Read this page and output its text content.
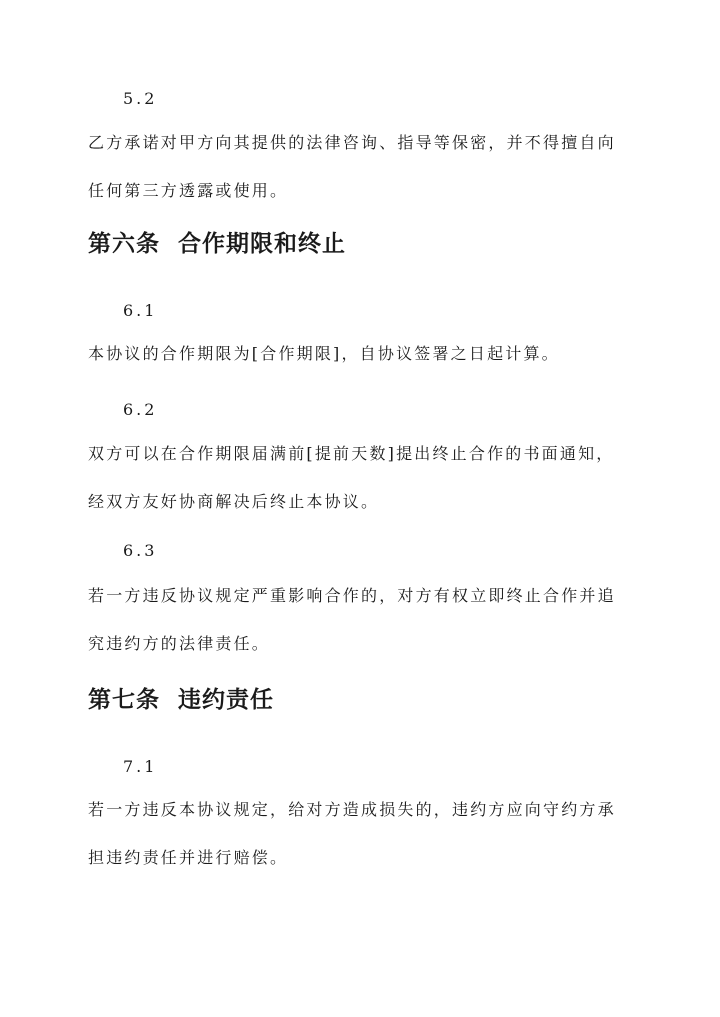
5.2
乙方承诺对甲方向其提供的法律咨询、指导等保密，并不得擅自向
任何第三方透露或使用。
第六条  合作期限和终止
6.1
本协议的合作期限为[合作期限]，自协议签署之日起计算。
6.2
双方可以在合作期限届满前[提前天数]提出终止合作的书面通知，
经双方友好协商解决后终止本协议。
6.3
若一方违反协议规定严重影响合作的，对方有权立即终止合作并追
究违约方的法律责任。
第七条  违约责任
7.1
若一方违反本协议规定，给对方造成损失的，违约方应向守约方承
担违约责任并进行赔偿。
